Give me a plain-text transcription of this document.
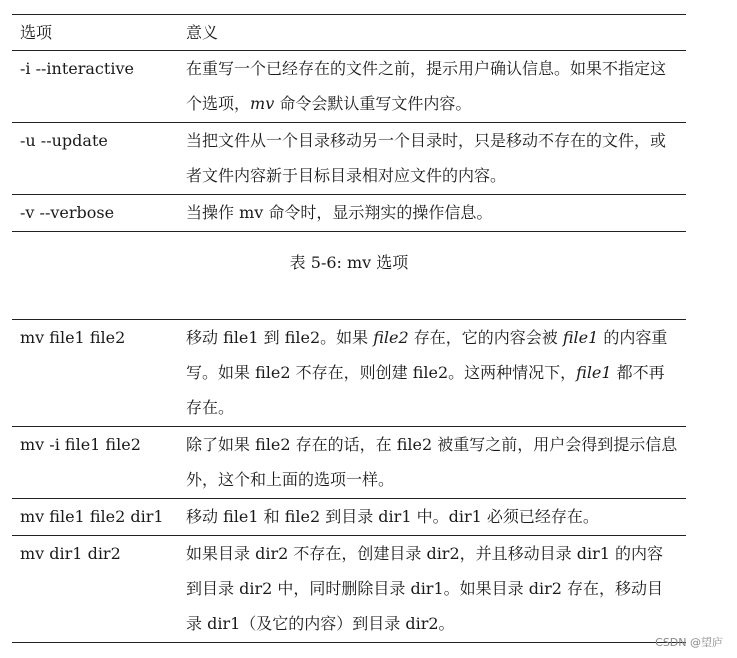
选项	意义
-i --interactive	在重写一个已经存在的文件之前，提示用户确认信息。如果不指定这个选项，mv 命令会默认重写文件内容。
-u --update	当把文件从一个目录移动另一个目录时，只是移动不存在的文件，或者文件内容新于目标目录相对应文件的内容。
-v --verbose	当操作 mv 命令时，显示翔实的操作信息。
表 5-6: mv 选项
mv file1 file2	移动 file1 到 file2。如果 file2 存在，它的内容会被 file1 的内容重写。如果 file2 不存在，则创建 file2。这两种情况下，file1 都不再存在。
mv -i file1 file2	除了如果 file2 存在的话，在 file2 被重写之前，用户会得到提示信息外，这个和上面的选项一样。
mv file1 file2 dir1	移动 file1 和 file2 到目录 dir1 中。dir1 必须已经存在。
mv dir1 dir2	如果目录 dir2 不存在，创建目录 dir2，并且移动目录 dir1 的内容到目录 dir2 中，同时删除目录 dir1。如果目录 dir2 存在，移动目录 dir1（及它的内容）到目录 dir2。
CSDN @望庐
